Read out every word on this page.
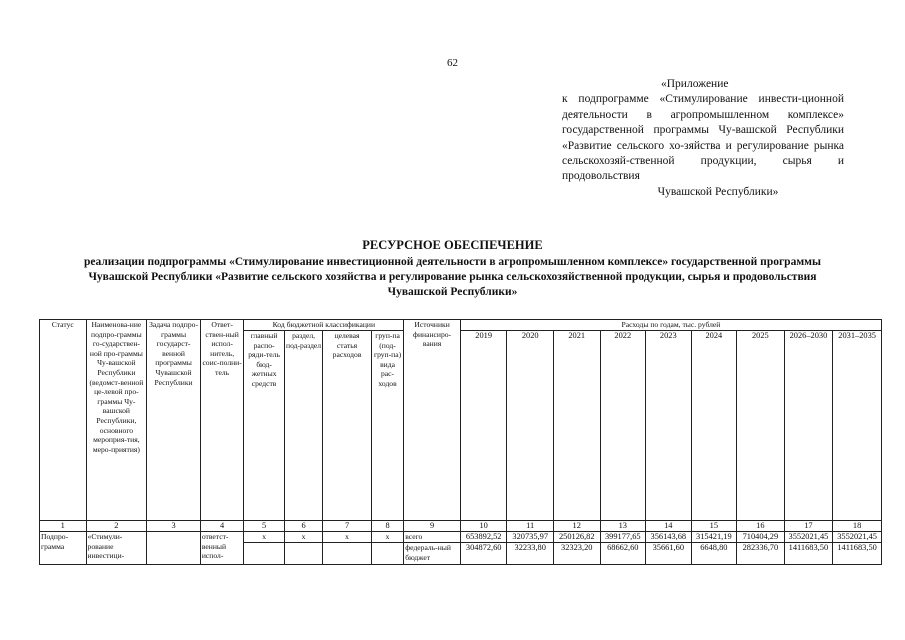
62
«Приложение
к подпрограмме «Стимулирование инвести-ционной деятельности в агропромышленном комплексе» государственной программы Чу-вашской Республики «Развитие сельского хо-зяйства и регулирование рынка сельскохозяй-ственной продукции, сырья и продовольствия
Чувашской Республики»
РЕСУРСНОЕ ОБЕСПЕЧЕНИЕ
реализации подпрограммы «Стимулирование инвестиционной деятельности в агропромышленном комплексе» государственной программы Чувашской Республики «Развитие сельского хозяйства и регулирование рынка сельскохозяйственной продукции, сырья и продовольствия Чувашской Республики»
Статус	Наименова-ние подпро-граммы го-сударствен-ной про-граммы Чу-вашской Республики (ведомст-венной це-левой про-граммы Чу-вашской Республики, основного мероприя-тия, меро-приятия)	Задача подпро-граммы государст-венной программы Чувашской Республики	Ответ-ствен-ный испол-нитель, соис-полни-тель	Код бюджетной классификации				Источники финансиро-вания	Расходы по годам, тыс. рублей								
				главный распо-ряди-тель бюд-жетных средств	раздел, под-раздел	целевая статья расходов	груп-па (под-груп-па) вида рас-ходов		2019	2020	2021	2022	2023	2024	2025	2026–2030	2031–2035
1	2	3	4	5	6	7	8	9	10	11	12	13	14	15	16	17	18
Подпро-грамма	«Стимули-рование инвестици-		ответст-венный испол-	x	x	x	x	всего	653892,52	320735,97	250126,82	399177,65	356143,68	315421,19	710404,29	3552021,45	3552021,45
								федераль-ный бюджет	304872,60	32233,80	32323,20	68662,60	35661,60	6648,80	282336,70	1411683,50	1411683,50
